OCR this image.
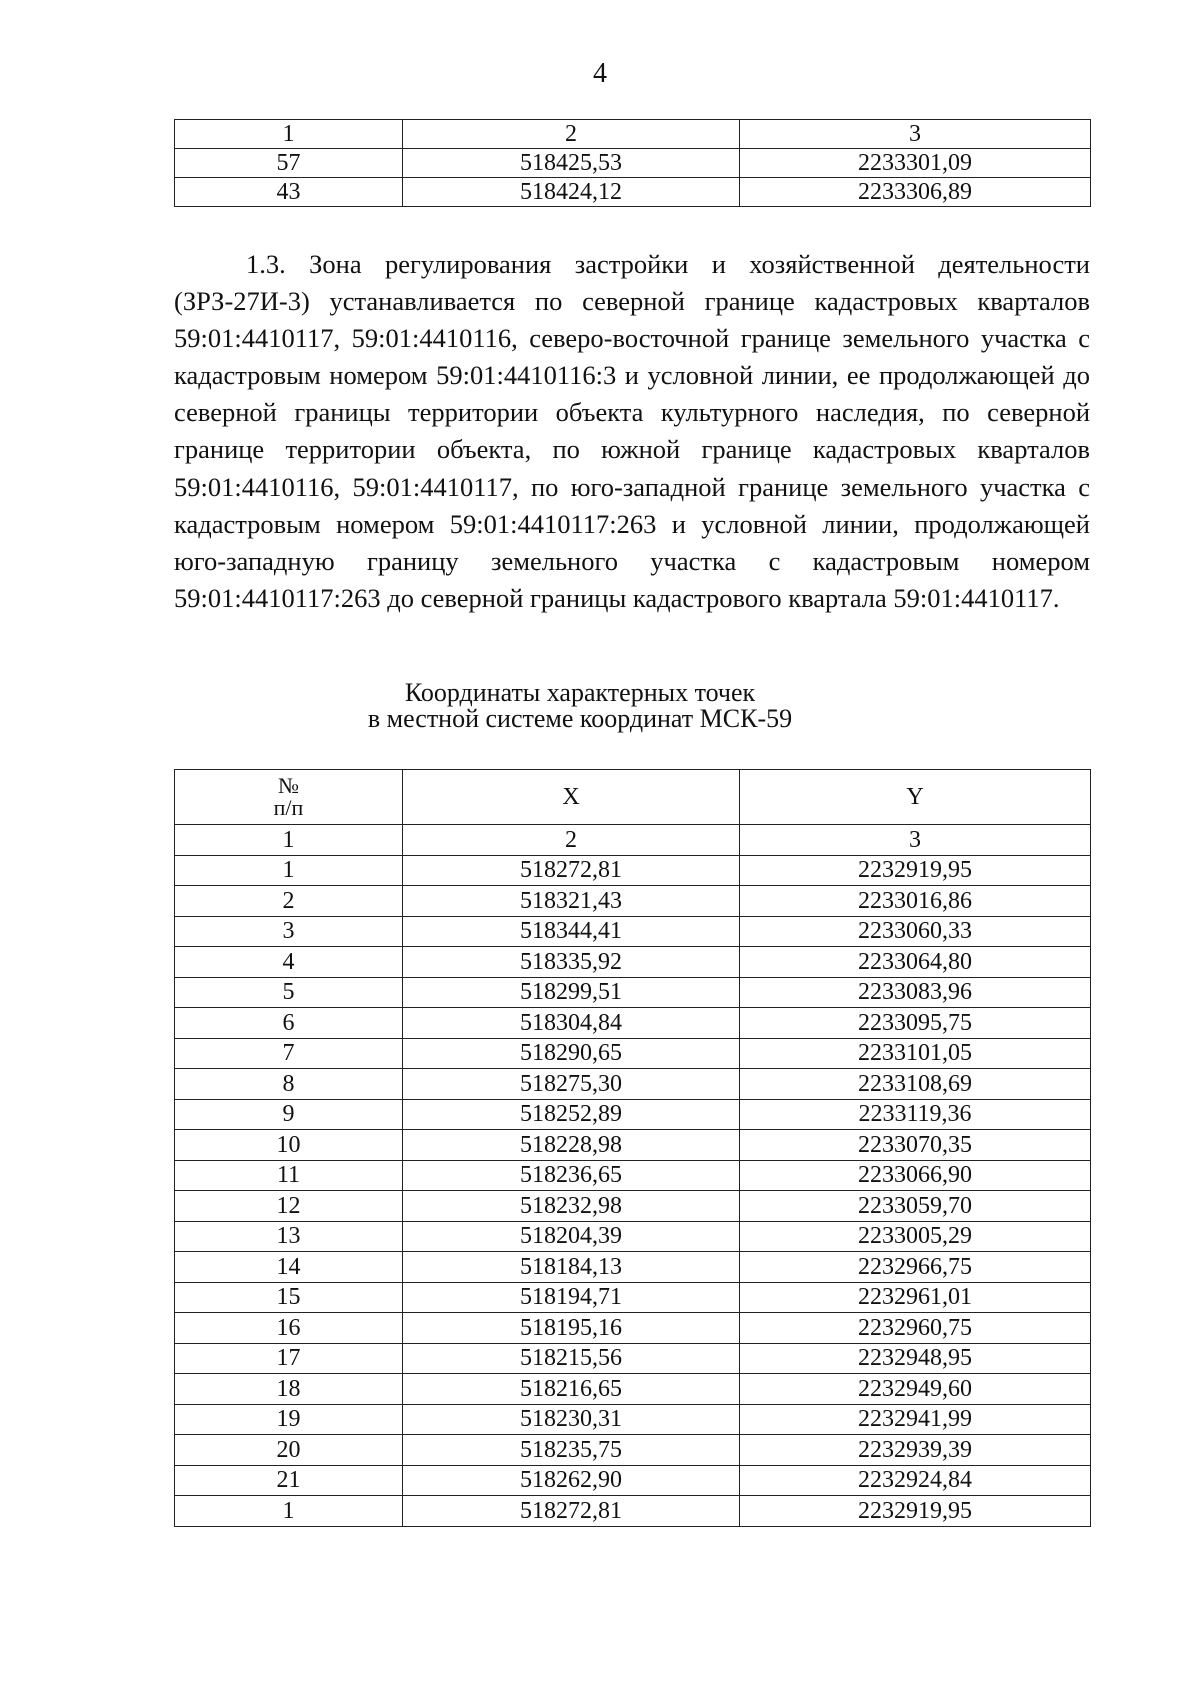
4
1	2	3
57	518425,53	2233301,09
43	518424,12	2233306,89

1.3. Зона регулирования застройки и хозяйственной деятельности (ЗРЗ-27И-3) устанавливается по северной границе кадастровых кварталов 59:01:4410117, 59:01:4410116, северо-восточной границе земельного участка с кадастровым номером 59:01:4410116:3 и условной линии, ее продолжающей до северной границы территории объекта культурного наследия, по северной границе территории объекта, по южной границе кадастровых кварталов 59:01:4410116, 59:01:4410117, по юго-западной границе земельного участка с кадастровым номером 59:01:4410117:263 и условной линии, продолжающей юго-западную границу земельного участка с кадастровым номером 59:01:4410117:263 до северной границы кадастрового квартала 59:01:4410117.

Координаты характерных точек
в местной системе координат МСК-59
№
п/п	X	Y
1	2	3
1	518272,81	2232919,95
2	518321,43	2233016,86
3	518344,41	2233060,33
4	518335,92	2233064,80
5	518299,51	2233083,96
6	518304,84	2233095,75
7	518290,65	2233101,05
8	518275,30	2233108,69
9	518252,89	2233119,36
10	518228,98	2233070,35
11	518236,65	2233066,90
12	518232,98	2233059,70
13	518204,39	2233005,29
14	518184,13	2232966,75
15	518194,71	2232961,01
16	518195,16	2232960,75
17	518215,56	2232948,95
18	518216,65	2232949,60
19	518230,31	2232941,99
20	518235,75	2232939,39
21	518262,90	2232924,84
1	518272,81	2232919,95
